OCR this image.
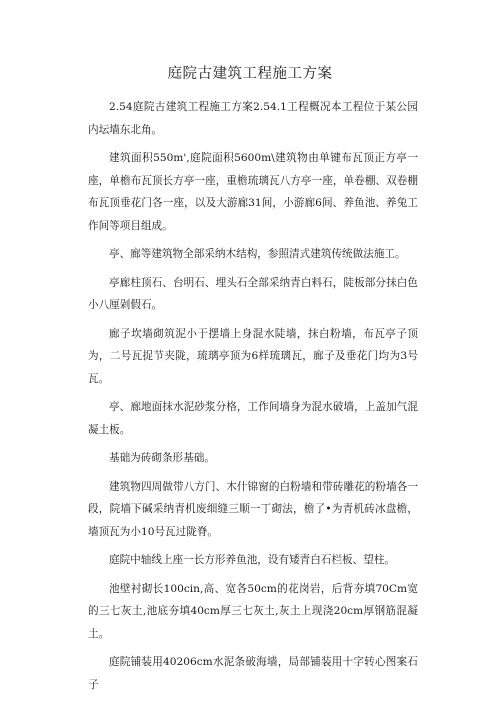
庭院古建筑工程施工方案

2.54庭院古建筑工程施工方案2.54.1工程概况本工程位于某公园内坛墙东北角。

建筑面积550m',庭院面积5600m\建筑物由单键布瓦顶正方亭一座，单檐布瓦顶长方亭一座，重檐琉璃瓦八方亭一座，单卷棚、双卷棚布瓦顶垂花门各一座，以及大游廊31间，小游廊6间、养鱼池、养兔工作间等项目组成。

亭、廊等建筑物全部采纳木结构，参照清式建筑传统做法施工。

亭廊柱顶石、台明石、埋头石全部采纳青白料石，陡板部分抹白色小八厘剁假石。

廊子坎墙砌筑泥小于摆墙上身混水陡墙，抹白粉墙，布瓦亭子顶为，二号瓦捉节夹陇，琉璃亭顶为6样琉璃瓦，廊子及垂花门均为3号瓦。

亭、廊地面抹水泥砂浆分格，工作间墙身为混水破墙，上盖加气混凝土板。

基础为砖砌条形基础。

建筑物四周做带八方门、木什锦窗的白粉墙和带砖雕花的粉墙各一段，院墙下碱采纳青机废细缝三顺一丁砌法，檐了•为青机砖冰盘檐，墙顶瓦为小10号瓦过陇脊。

庭院中轴线上座一长方形养鱼池，设有矮青白石栏板、望柱。

池壁衬砌长100cin,高、宽各50cm的花岗岩，后背夯填70Cm宽的三七灰土,池底夯填40cm厚三七灰土,灰土上现浇20cm厚钢筋混凝土。

庭院铺装用40206cm水泥条破海墙，局部铺装用十字转心图案石子
